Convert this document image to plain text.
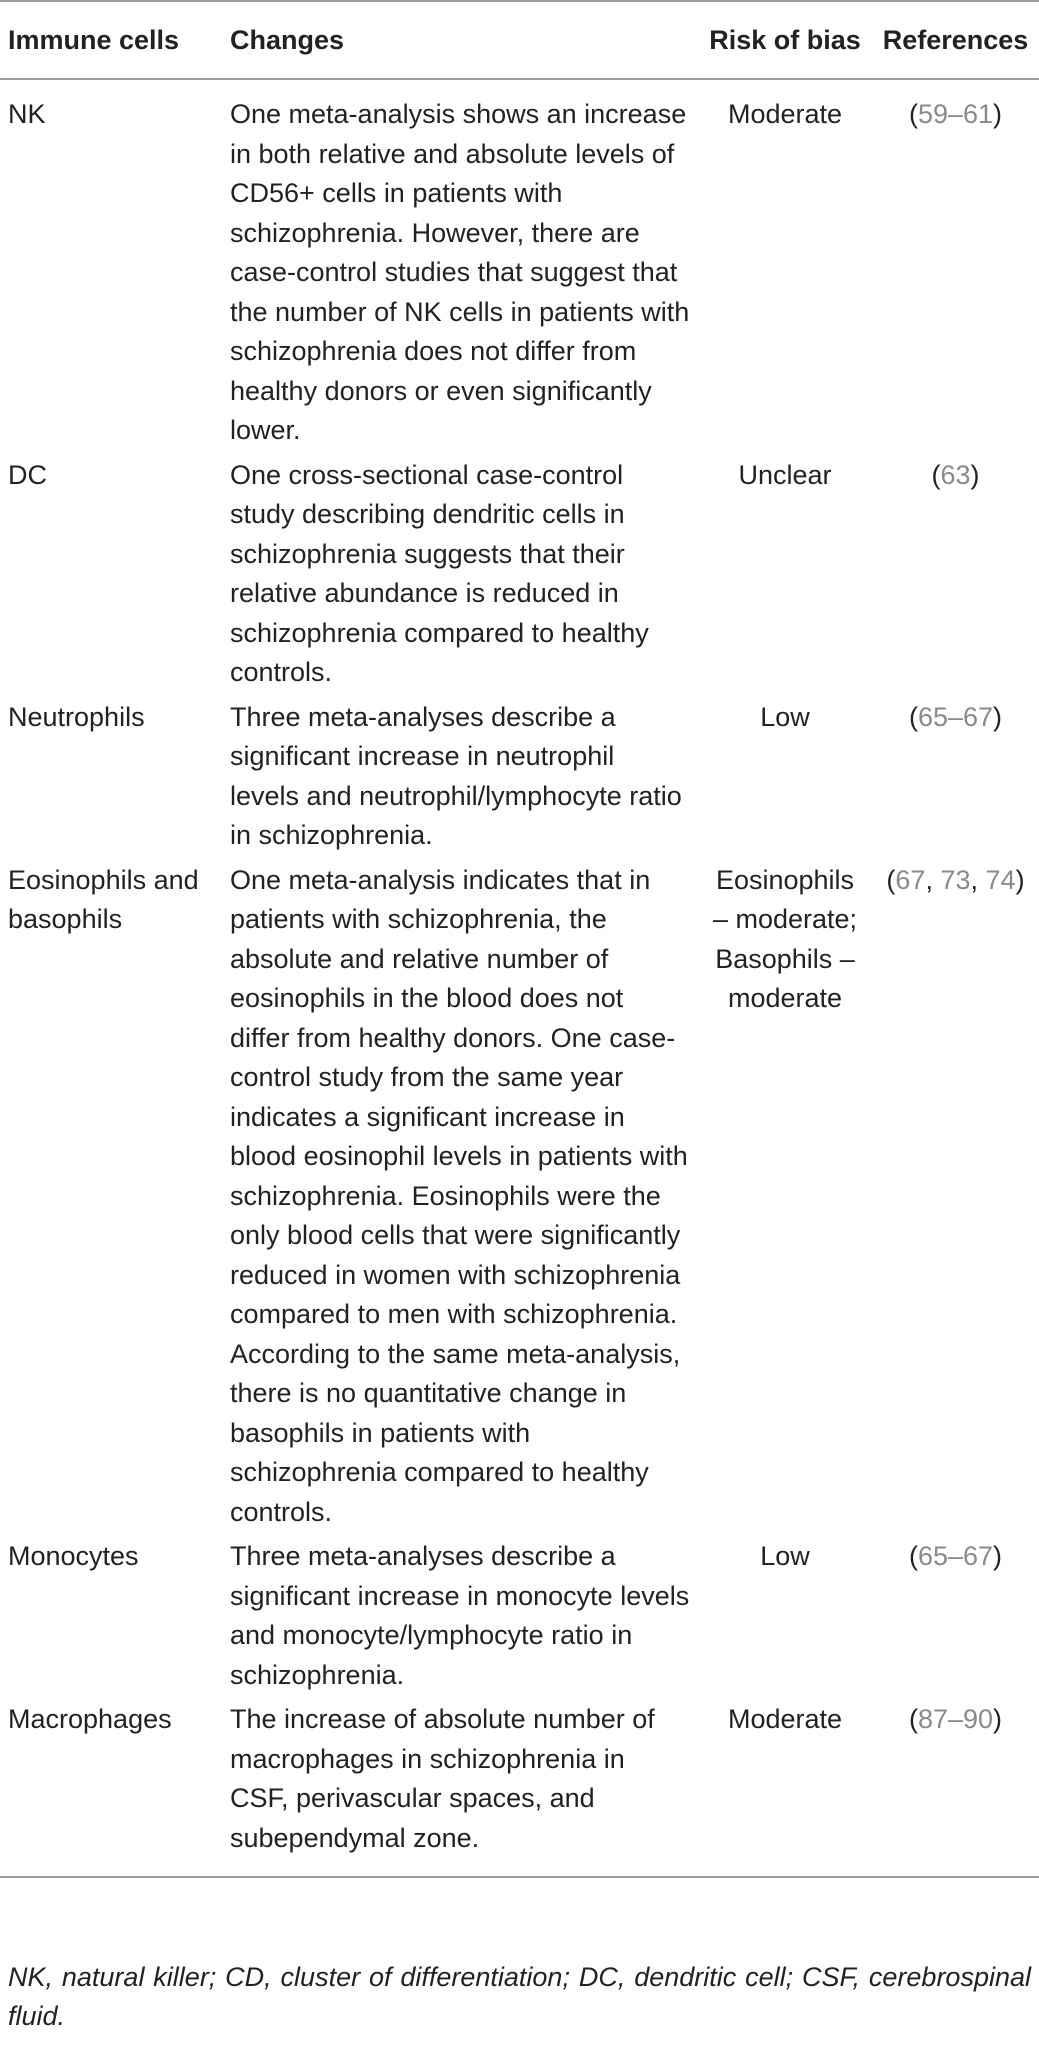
Immune cells	Changes	Risk of bias	References
NK	One meta-analysis shows an increase in both relative and absolute levels of CD56+ cells in patients with schizophrenia. However, there are case-control studies that suggest that the number of NK cells in patients with schizophrenia does not differ from healthy donors or even significantly lower.	Moderate	(59–61)
DC	One cross-sectional case-control study describing dendritic cells in schizophrenia suggests that their relative abundance is reduced in schizophrenia compared to healthy controls.	Unclear	(63)
Neutrophils	Three meta-analyses describe a significant increase in neutrophil levels and neutrophil/lymphocyte ratio in schizophrenia.	Low	(65–67)
Eosinophils and basophils	One meta-analysis indicates that in patients with schizophrenia, the absolute and relative number of eosinophils in the blood does not differ from healthy donors. One case-control study from the same year indicates a significant increase in blood eosinophil levels in patients with schizophrenia. Eosinophils were the only blood cells that were significantly reduced in women with schizophrenia compared to men with schizophrenia. According to the same meta-analysis, there is no quantitative change in basophils in patients with schizophrenia compared to healthy controls.	Eosinophils – moderate; Basophils – moderate	(67, 73, 74)
Monocytes	Three meta-analyses describe a significant increase in monocyte levels and monocyte/lymphocyte ratio in schizophrenia.	Low	(65–67)
Macrophages	The increase of absolute number of macrophages in schizophrenia in CSF, perivascular spaces, and subependymal zone.	Moderate	(87–90)
NK, natural killer; CD, cluster of differentiation; DC, dendritic cell; CSF, cerebrospinal fluid.
